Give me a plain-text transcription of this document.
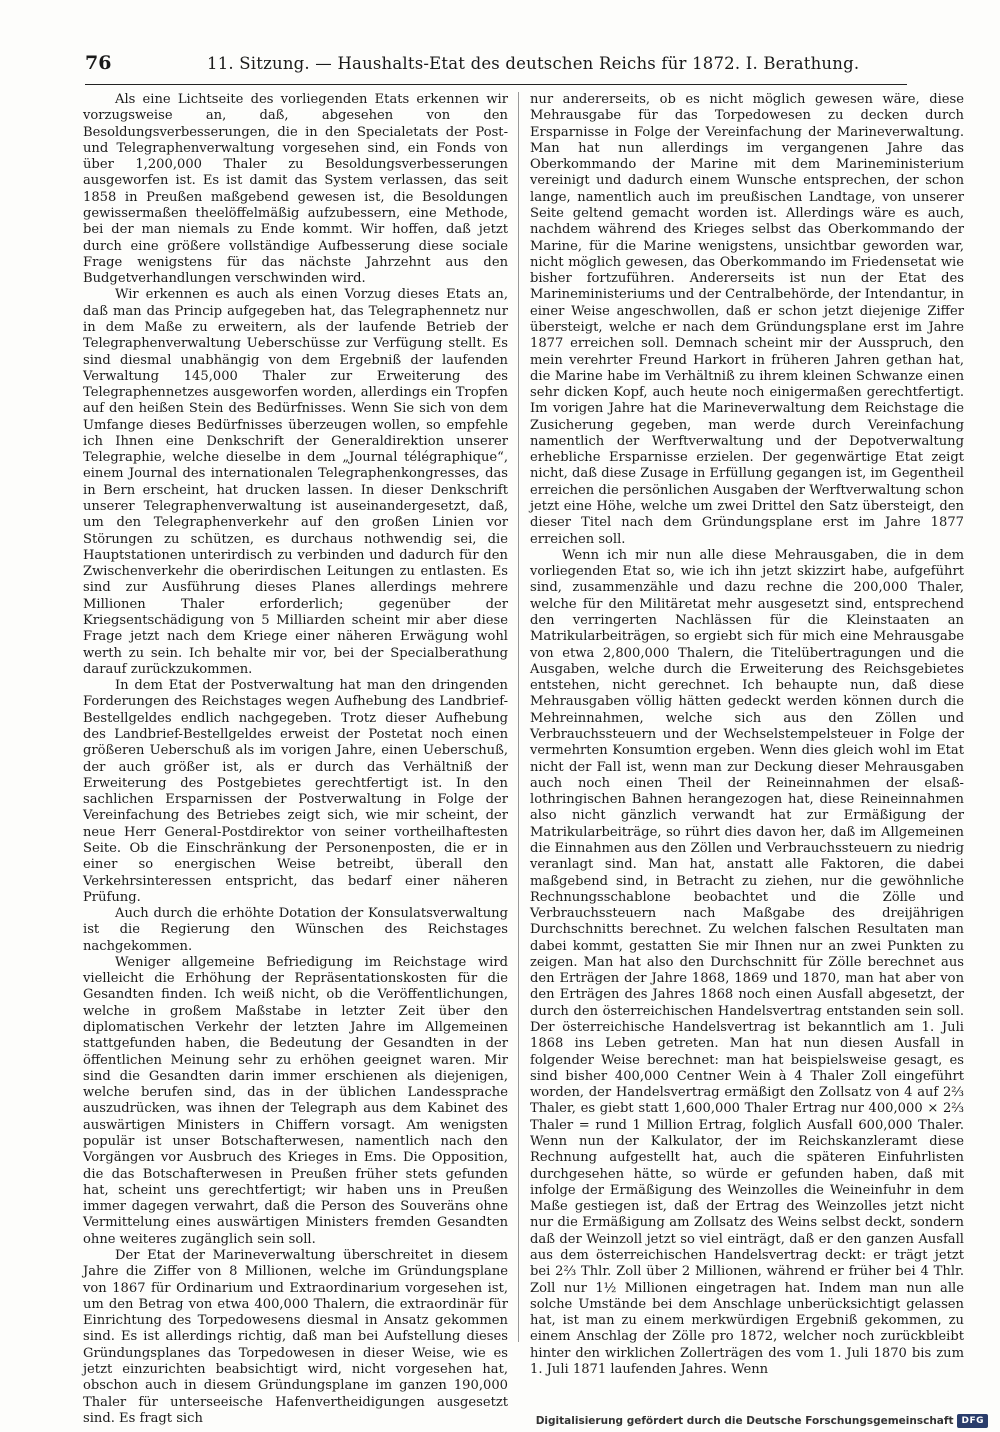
76	11. Sitzung. — Haushalts-Etat des deutschen Reichs für 1872. I. Berathung.

Als eine Lichtseite des vorliegenden Etats erkennen wir vorzugsweise an, daß, abgesehen von den Besoldungsverbesserungen, die in den Specialetats der Post- und Telegraphenverwaltung vorgesehen sind, ein Fonds von über 1,200,000 Thaler zu Besoldungsverbesserungen ausgeworfen ist. Es ist damit das System verlassen, das seit 1858 in Preußen maßgebend gewesen ist, die Besoldungen gewissermaßen theelöffelmäßig aufzubessern, eine Methode, bei der man niemals zu Ende kommt. Wir hoffen, daß jetzt durch eine größere vollständige Aufbesserung diese sociale Frage wenigstens für das nächste Jahrzehnt aus den Budgetverhandlungen verschwinden wird.

Wir erkennen es auch als einen Vorzug dieses Etats an, daß man das Princip aufgegeben hat, das Telegraphennetz nur in dem Maße zu erweitern, als der laufende Betrieb der Telegraphenverwaltung Ueberschüsse zur Verfügung stellt. Es sind diesmal unabhängig von dem Ergebniß der laufenden Verwaltung 145,000 Thaler zur Erweiterung des Telegraphennetzes ausgeworfen worden, allerdings ein Tropfen auf den heißen Stein des Bedürfnisses. Wenn Sie sich von dem Umfange dieses Bedürfnisses überzeugen wollen, so empfehle ich Ihnen eine Denkschrift der Generaldirektion unserer Telegraphie, welche dieselbe in dem „Journal télégraphique“, einem Journal des internationalen Telegraphenkongresses, das in Bern erscheint, hat drucken lassen. In dieser Denkschrift unserer Telegraphenverwaltung ist auseinandergesetzt, daß, um den Telegraphenverkehr auf den großen Linien vor Störungen zu schützen, es durchaus nothwendig sei, die Hauptstationen unterirdisch zu verbinden und dadurch für den Zwischenverkehr die oberirdischen Leitungen zu entlasten. Es sind zur Ausführung dieses Planes allerdings mehrere Millionen Thaler erforderlich; gegenüber der Kriegsentschädigung von 5 Milliarden scheint mir aber diese Frage jetzt nach dem Kriege einer näheren Erwägung wohl werth zu sein. Ich behalte mir vor, bei der Specialberathung darauf zurückzukommen.

In dem Etat der Postverwaltung hat man den dringenden Forderungen des Reichstages wegen Aufhebung des Landbrief-Bestellgeldes endlich nachgegeben. Trotz dieser Aufhebung des Landbrief-Bestellgeldes erweist der Postetat noch einen größeren Ueberschuß als im vorigen Jahre, einen Ueberschuß, der auch größer ist, als er durch das Verhältniß der Erweiterung des Postgebietes gerechtfertigt ist. In den sachlichen Ersparnissen der Postverwaltung in Folge der Vereinfachung des Betriebes zeigt sich, wie mir scheint, der neue Herr General-Postdirektor von seiner vortheilhaftesten Seite. Ob die Einschränkung der Personenposten, die er in einer so energischen Weise betreibt, überall den Verkehrsinteressen entspricht, das bedarf einer näheren Prüfung.

Auch durch die erhöhte Dotation der Konsulatsverwaltung ist die Regierung den Wünschen des Reichstages nachgekommen.

Weniger allgemeine Befriedigung im Reichstage wird vielleicht die Erhöhung der Repräsentationskosten für die Gesandten finden. Ich weiß nicht, ob die Veröffentlichungen, welche in großem Maßstabe in letzter Zeit über den diplomatischen Verkehr der letzten Jahre im Allgemeinen stattgefunden haben, die Bedeutung der Gesandten in der öffentlichen Meinung sehr zu erhöhen geeignet waren. Mir sind die Gesandten darin immer erschienen als diejenigen, welche berufen sind, das in der üblichen Landessprache auszudrücken, was ihnen der Telegraph aus dem Kabinet des auswärtigen Ministers in Chiffern vorsagt. Am wenigsten populär ist unser Botschafterwesen, namentlich nach den Vorgängen vor Ausbruch des Krieges in Ems. Die Opposition, die das Botschafterwesen in Preußen früher stets gefunden hat, scheint uns gerechtfertigt; wir haben uns in Preußen immer dagegen verwahrt, daß die Person des Souveräns ohne Vermittelung eines auswärtigen Ministers fremden Gesandten ohne weiteres zugänglich sein soll.

Der Etat der Marineverwaltung überschreitet in diesem Jahre die Ziffer von 8 Millionen, welche im Gründungsplane von 1867 für Ordinarium und Extraordinarium vorgesehen ist, um den Betrag von etwa 400,000 Thalern, die extraordinär für Einrichtung des Torpedowesens diesmal in Ansatz gekommen sind. Es ist allerdings richtig, daß man bei Aufstellung dieses Gründungsplanes das Torpedowesen in dieser Weise, wie es jetzt einzurichten beabsichtigt wird, nicht vorgesehen hat, obschon auch in diesem Gründungsplane im ganzen 190,000 Thaler für unterseeische Hafenvertheidigungen ausgesetzt sind. Es fragt sich

nur andererseits, ob es nicht möglich gewesen wäre, diese Mehrausgabe für das Torpedowesen zu decken durch Ersparnisse in Folge der Vereinfachung der Marineverwaltung. Man hat nun allerdings im vergangenen Jahre das Oberkommando der Marine mit dem Marineministerium vereinigt und dadurch einem Wunsche entsprechen, der schon lange, namentlich auch im preußischen Landtage, von unserer Seite geltend gemacht worden ist. Allerdings wäre es auch, nachdem während des Krieges selbst das Oberkommando der Marine, für die Marine wenigstens, unsichtbar geworden war, nicht möglich gewesen, das Oberkommando im Friedensetat wie bisher fortzuführen. Andererseits ist nun der Etat des Marineministeriums und der Centralbehörde, der Intendantur, in einer Weise angeschwollen, daß er schon jetzt diejenige Ziffer übersteigt, welche er nach dem Gründungsplane erst im Jahre 1877 erreichen soll. Demnach scheint mir der Ausspruch, den mein verehrter Freund Harkort in früheren Jahren gethan hat, die Marine habe im Verhältniß zu ihrem kleinen Schwanze einen sehr dicken Kopf, auch heute noch einigermaßen gerechtfertigt. Im vorigen Jahre hat die Marineverwaltung dem Reichstage die Zusicherung gegeben, man werde durch Vereinfachung namentlich der Werftverwaltung und der Depotverwaltung erhebliche Ersparnisse erzielen. Der gegenwärtige Etat zeigt nicht, daß diese Zusage in Erfüllung gegangen ist, im Gegentheil erreichen die persönlichen Ausgaben der Werftverwaltung schon jetzt eine Höhe, welche um zwei Drittel den Satz übersteigt, den dieser Titel nach dem Gründungsplane erst im Jahre 1877 erreichen soll.

Wenn ich mir nun alle diese Mehrausgaben, die in dem vorliegenden Etat so, wie ich ihn jetzt skizzirt habe, aufgeführt sind, zusammenzähle und dazu rechne die 200,000 Thaler, welche für den Militäretat mehr ausgesetzt sind, entsprechend den verringerten Nachlässen für die Kleinstaaten an Matrikularbeiträgen, so ergiebt sich für mich eine Mehrausgabe von etwa 2,800,000 Thalern, die Titelübertragungen und die Ausgaben, welche durch die Erweiterung des Reichsgebietes entstehen, nicht gerechnet. Ich behaupte nun, daß diese Mehrausgaben völlig hätten gedeckt werden können durch die Mehreinnahmen, welche sich aus den Zöllen und Verbrauchssteuern und der Wechselstempelsteuer in Folge der vermehrten Konsumtion ergeben. Wenn dies gleich wohl im Etat nicht der Fall ist, wenn man zur Deckung dieser Mehrausgaben auch noch einen Theil der Reineinnahmen der elsaß-lothringischen Bahnen herangezogen hat, diese Reineinnahmen also nicht gänzlich verwandt hat zur Ermäßigung der Matrikularbeiträge, so rührt dies davon her, daß im Allgemeinen die Einnahmen aus den Zöllen und Verbrauchssteuern zu niedrig veranlagt sind. Man hat, anstatt alle Faktoren, die dabei maßgebend sind, in Betracht zu ziehen, nur die gewöhnliche Rechnungsschablone beobachtet und die Zölle und Verbrauchssteuern nach Maßgabe des dreijährigen Durchschnitts berechnet. Zu welchen falschen Resultaten man dabei kommt, gestatten Sie mir Ihnen nur an zwei Punkten zu zeigen. Man hat also den Durchschnitt für Zölle berechnet aus den Erträgen der Jahre 1868, 1869 und 1870, man hat aber von den Erträgen des Jahres 1868 noch einen Ausfall abgesetzt, der durch den österreichischen Handelsvertrag entstanden sein soll. Der österreichische Handelsvertrag ist bekanntlich am 1. Juli 1868 ins Leben getreten. Man hat nun diesen Ausfall in folgender Weise berechnet: man hat beispielsweise gesagt, es sind bisher 400,000 Centner Wein à 4 Thaler Zoll eingeführt worden, der Handelsvertrag ermäßigt den Zollsatz von 4 auf 2⅔ Thaler, es giebt statt 1,600,000 Thaler Ertrag nur 400,000 × 2⅔ Thaler = rund 1 Million Ertrag, folglich Ausfall 600,000 Thaler. Wenn nun der Kalkulator, der im Reichskanzleramt diese Rechnung aufgestellt hat, auch die späteren Einfuhrlisten durchgesehen hätte, so würde er gefunden haben, daß mit infolge der Ermäßigung des Weinzolles die Weineinfuhr in dem Maße gestiegen ist, daß der Ertrag des Weinzolles jetzt nicht nur die Ermäßigung am Zollsatz des Weins selbst deckt, sondern daß der Weinzoll jetzt so viel einträgt, daß er den ganzen Ausfall aus dem österreichischen Handelsvertrag deckt: er trägt jetzt bei 2⅔ Thlr. Zoll über 2 Millionen, während er früher bei 4 Thlr. Zoll nur 1½ Millionen eingetragen hat. Indem man nun alle solche Umstände bei dem Anschlage unberücksichtigt gelassen hat, ist man zu einem merkwürdigen Ergebniß gekommen, zu einem Anschlag der Zölle pro 1872, welcher noch zurückbleibt hinter den wirklichen Zollerträgen des vom 1. Juli 1870 bis zum 1. Juli 1871 laufenden Jahres. Wenn

Digitalisierung gefördert durch die Deutsche Forschungsgemeinschaft DFG
